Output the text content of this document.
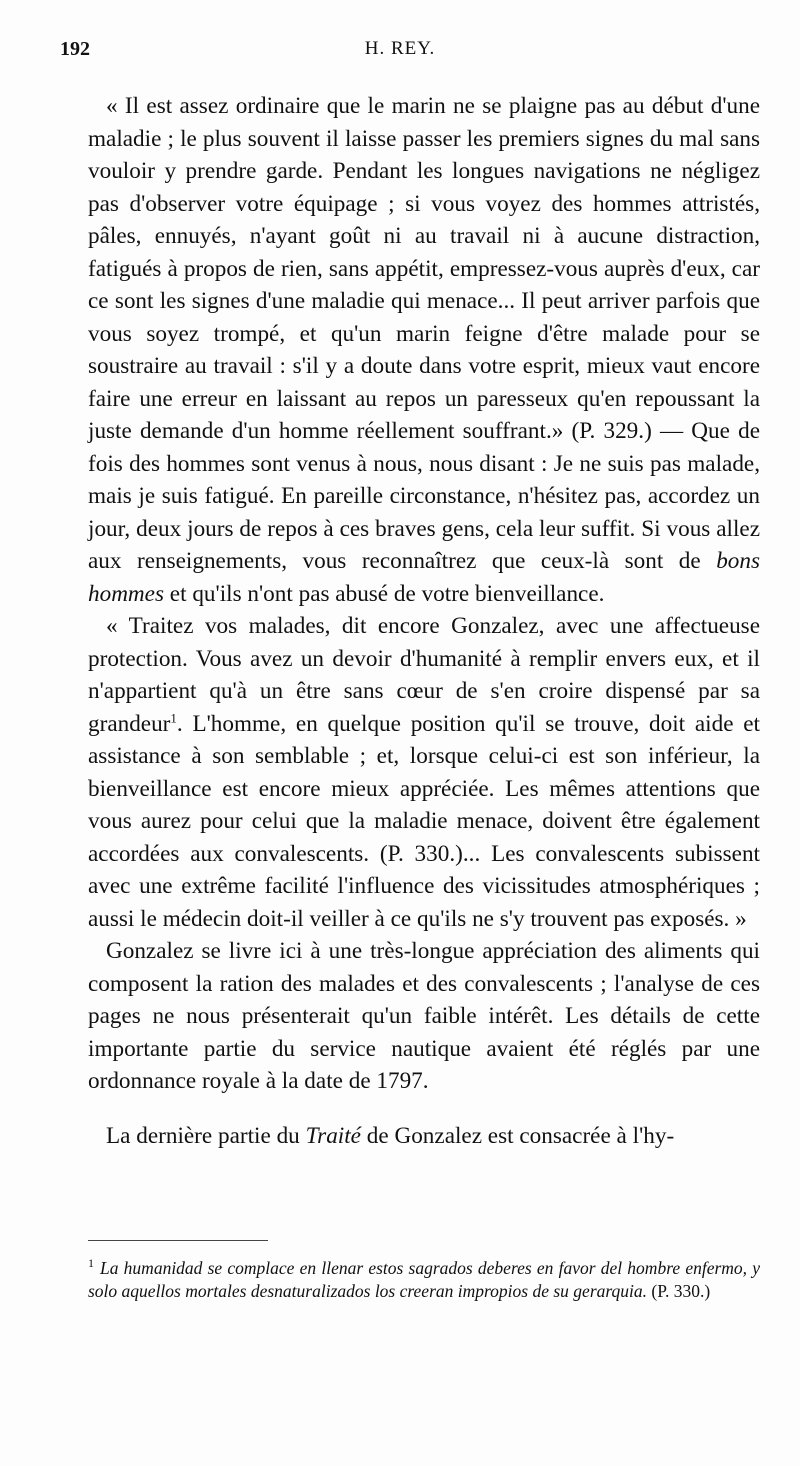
192	H. REY.

« Il est assez ordinaire que le marin ne se plaigne pas au début d'une maladie ; le plus souvent il laisse passer les premiers signes du mal sans vouloir y prendre garde. Pendant les longues navigations ne négligez pas d'observer votre équipage ; si vous voyez des hommes attristés, pâles, ennuyés, n'ayant goût ni au travail ni à aucune distraction, fatigués à propos de rien, sans appétit, empressez-vous auprès d'eux, car ce sont les signes d'une maladie qui menace... Il peut arriver parfois que vous soyez trompé, et qu'un marin feigne d'être malade pour se soustraire au travail : s'il y a doute dans votre esprit, mieux vaut encore faire une erreur en laissant au repos un paresseux qu'en repoussant la juste demande d'un homme réellement souffrant.» (P. 329.) — Que de fois des hommes sont venus à nous, nous disant : Je ne suis pas malade, mais je suis fatigué. En pareille circonstance, n'hésitez pas, accordez un jour, deux jours de repos à ces braves gens, cela leur suffit. Si vous allez aux renseignements, vous reconnaîtrez que ceux-là sont de bons hommes et qu'ils n'ont pas abusé de votre bienveillance.

« Traitez vos malades, dit encore Gonzalez, avec une affectueuse protection. Vous avez un devoir d'humanité à remplir envers eux, et il n'appartient qu'à un être sans cœur de s'en croire dispensé par sa grandeur$^1$. L'homme, en quelque position qu'il se trouve, doit aide et assistance à son semblable ; et, lorsque celui-ci est son inférieur, la bienveillance est encore mieux appréciée. Les mêmes attentions que vous aurez pour celui que la maladie menace, doivent être également accordées aux convalescents. (P. 330.)... Les convalescents subissent avec une extrême facilité l'influence des vicissitudes atmosphériques ; aussi le médecin doit-il veiller à ce qu'ils ne s'y trouvent pas exposés. »

Gonzalez se livre ici à une très-longue appréciation des aliments qui composent la ration des malades et des convalescents ; l'analyse de ces pages ne nous présenterait qu'un faible intérêt. Les détails de cette importante partie du service nautique avaient été réglés par une ordonnance royale à la date de 1797.

La dernière partie du Traité de Gonzalez est consacrée à l'hy-

$^1$ La humanidad se complace en llenar estos sagrados deberes en favor del hombre enfermo, y solo aquellos mortales desnaturalizados los creeran impropios de su gerarquia. (P. 330.)
